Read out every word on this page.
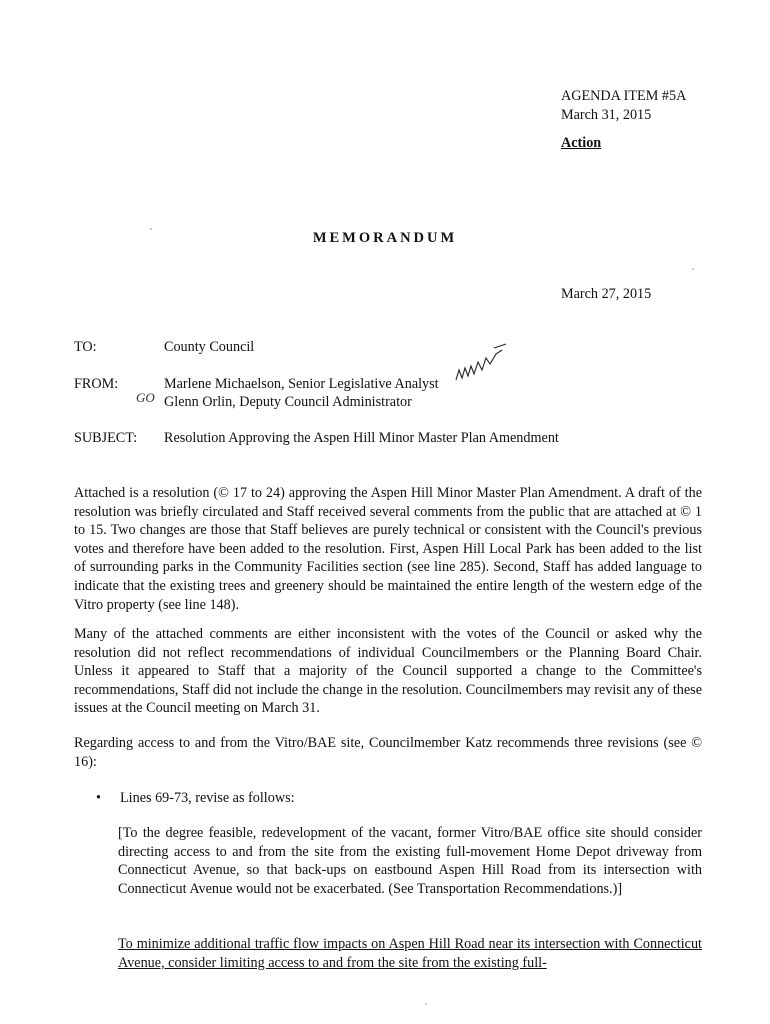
AGENDA ITEM #5A
March 31, 2015
Action
MEMORANDUM
March 27, 2015
TO:	County Council
FROM:	Marlene Michaelson, Senior Legislative Analyst
Glenn Orlin, Deputy Council Administrator
GO
SUBJECT: Resolution Approving the Aspen Hill Minor Master Plan Amendment
Attached is a resolution (© 17 to 24) approving the Aspen Hill Minor Master Plan Amendment. A draft of the resolution was briefly circulated and Staff received several comments from the public that are attached at © 1 to 15. Two changes are those that Staff believes are purely technical or consistent with the Council's previous votes and therefore have been added to the resolution. First, Aspen Hill Local Park has been added to the list of surrounding parks in the Community Facilities section (see line 285). Second, Staff has added language to indicate that the existing trees and greenery should be maintained the entire length of the western edge of the Vitro property (see line 148).
Many of the attached comments are either inconsistent with the votes of the Council or asked why the resolution did not reflect recommendations of individual Councilmembers or the Planning Board Chair. Unless it appeared to Staff that a majority of the Council supported a change to the Committee's recommendations, Staff did not include the change in the resolution. Councilmembers may revisit any of these issues at the Council meeting on March 31.
Regarding access to and from the Vitro/BAE site, Councilmember Katz recommends three revisions (see © 16):
• Lines 69-73, revise as follows:
[To the degree feasible, redevelopment of the vacant, former Vitro/BAE office site should consider directing access to and from the site from the existing full-movement Home Depot driveway from Connecticut Avenue, so that back-ups on eastbound Aspen Hill Road from its intersection with Connecticut Avenue would not be exacerbated. (See Transportation Recommendations.)]
To minimize additional traffic flow impacts on Aspen Hill Road near its intersection with Connecticut Avenue, consider limiting access to and from the site from the existing full-
